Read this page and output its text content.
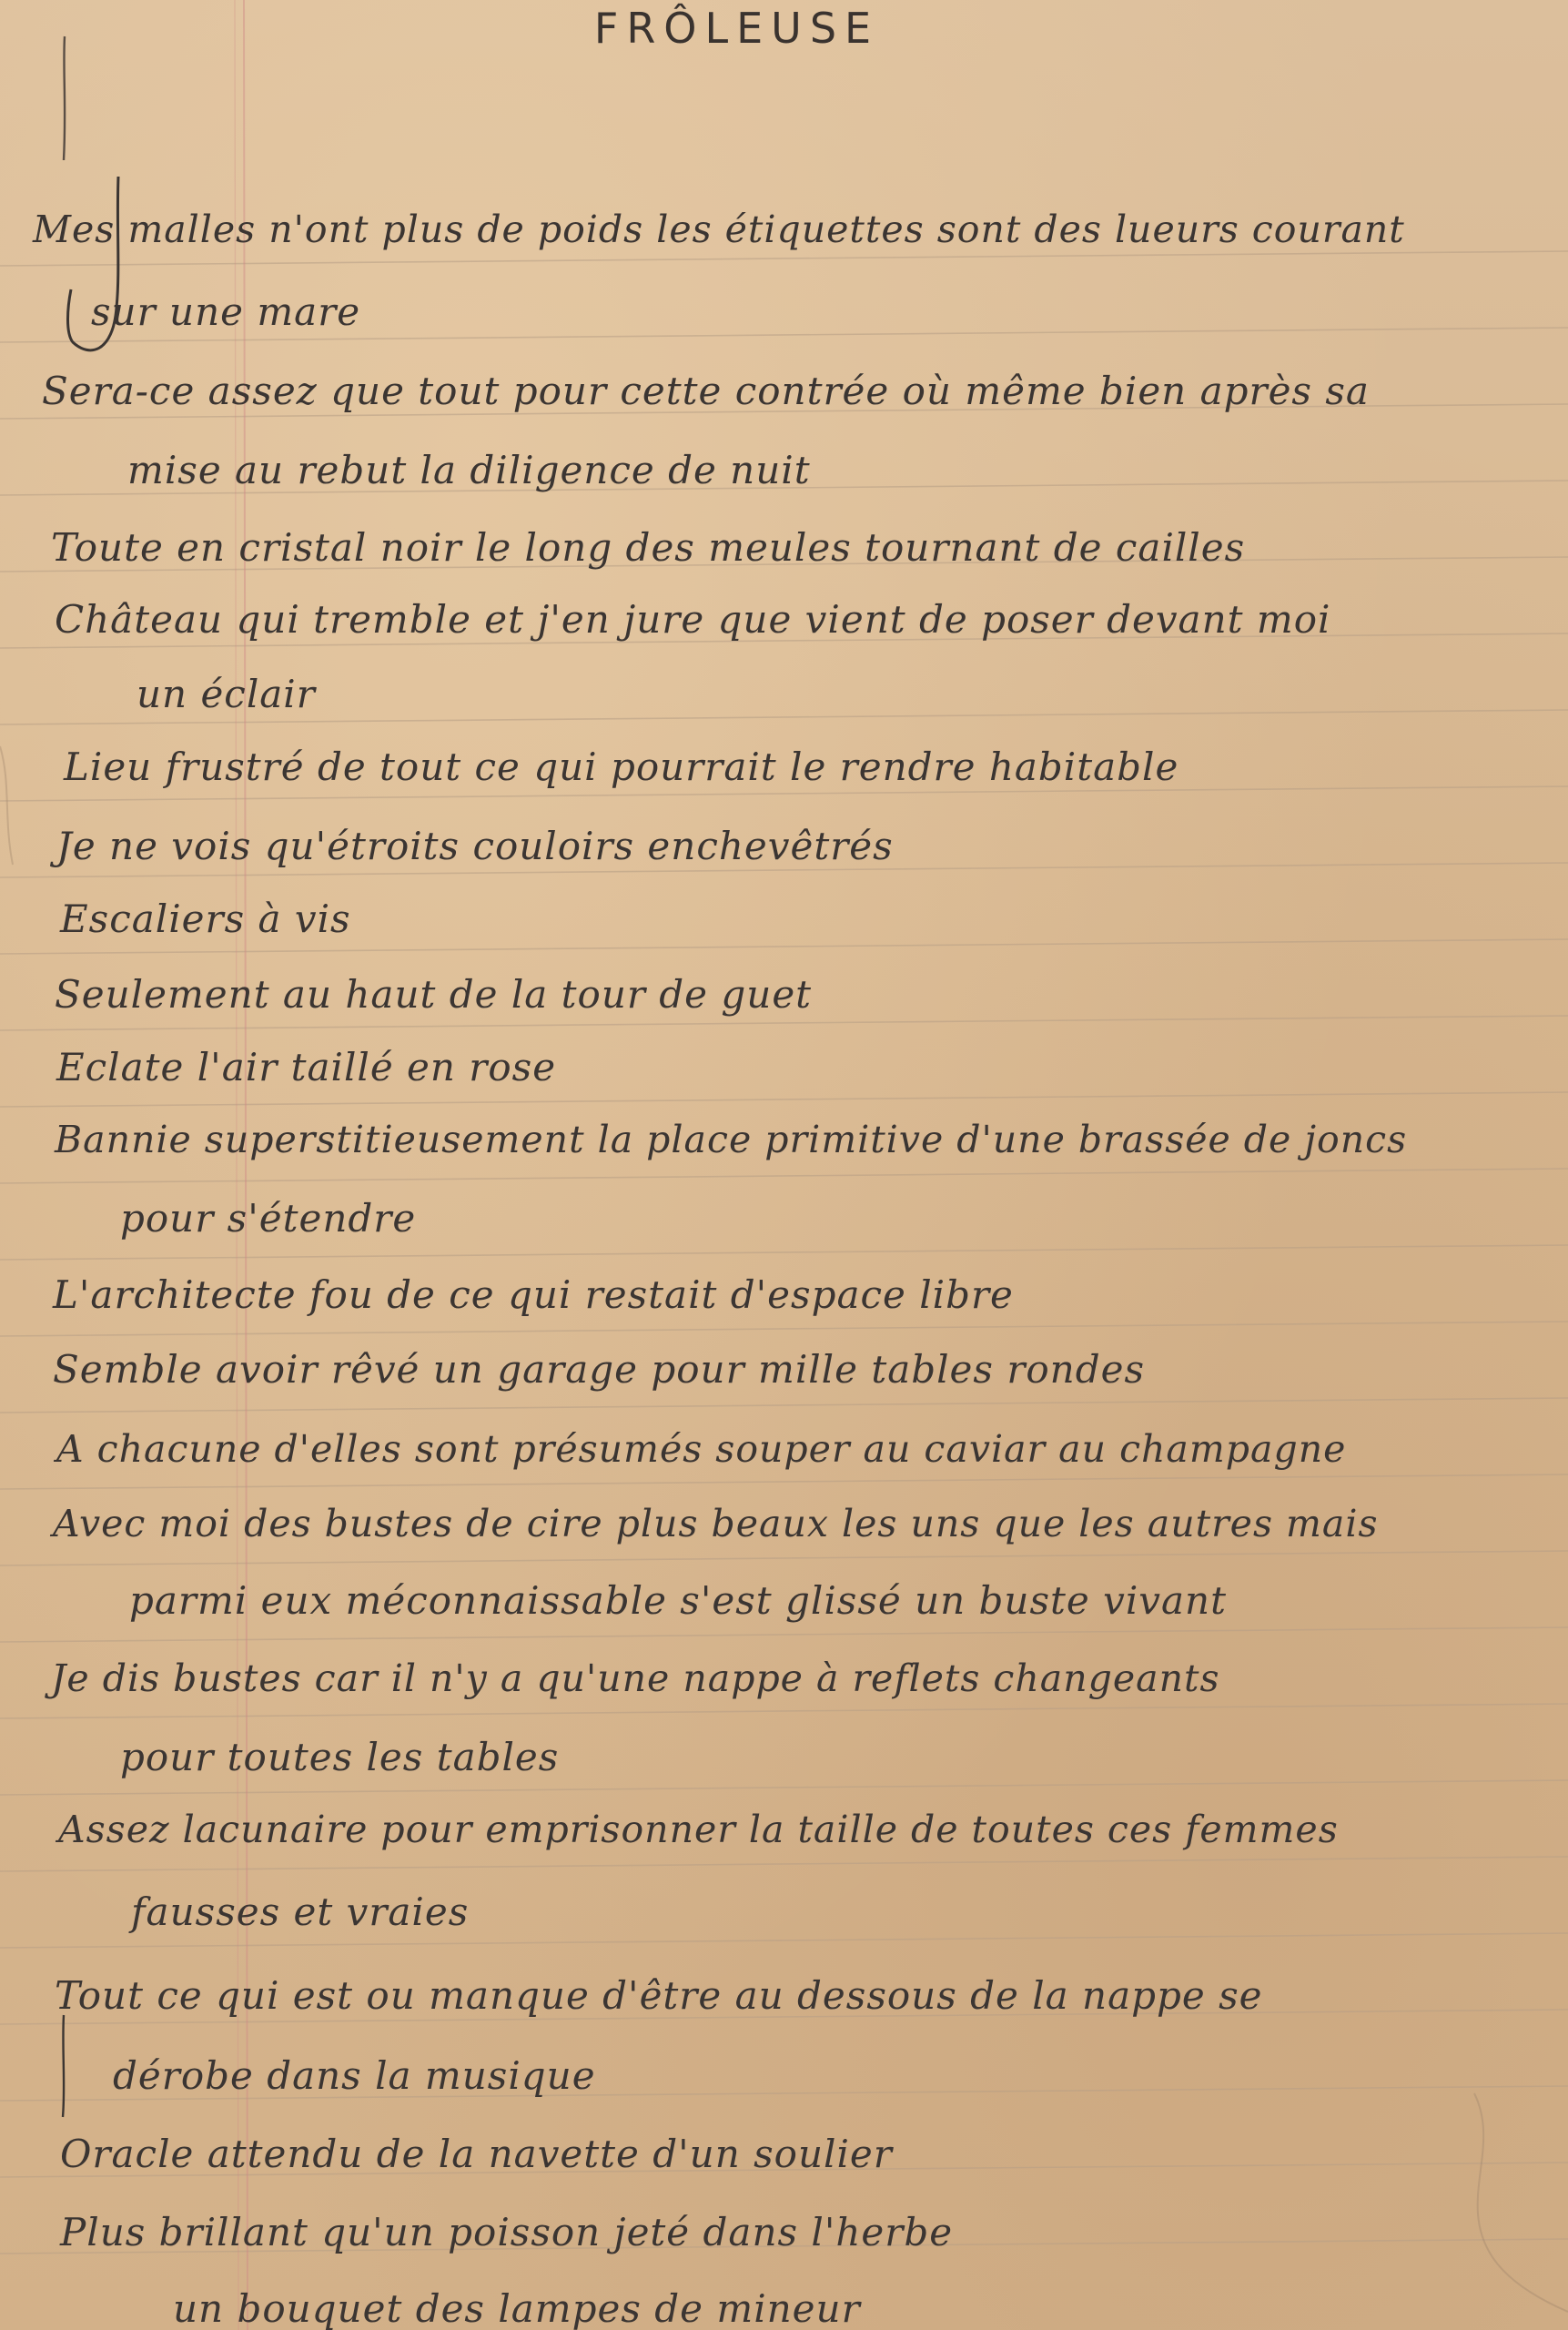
FRÔLEUSE
Mes malles n'ont plus de poids les étiquettes sont des lueurs courant
sur une mare
Sera-ce assez que tout pour cette contrée où même bien après sa
mise au rebut la diligence de nuit
Toute en cristal noir le long des meules tournant de cailles
Château qui tremble et j'en jure que vient de poser devant moi
un éclair
Lieu frustré de tout ce qui pourrait le rendre habitable
Je ne vois qu'étroits couloirs enchevêtrés
Escaliers à vis
Seulement au haut de la tour de guet
Eclate l'air taillé en rose
Bannie superstitieusement la place primitive d'une brassée de joncs
pour s'étendre
L'architecte fou de ce qui restait d'espace libre
Semble avoir rêvé un garage pour mille tables rondes
A chacune d'elles sont présumés souper au caviar au champagne
Avec moi des bustes de cire plus beaux les uns que les autres mais
parmi eux méconnaissable s'est glissé un buste vivant
Je dis bustes car il n'y a qu'une nappe à reflets changeants
pour toutes les tables
Assez lacunaire pour emprisonner la taille de toutes ces femmes
fausses et vraies
Tout ce qui est ou manque d'être au dessous de la nappe se
dérobe dans la musique
Oracle attendu de la navette d'un soulier
Plus brillant qu'un poisson jeté dans l'herbe
un bouquet des lampes de mineur
